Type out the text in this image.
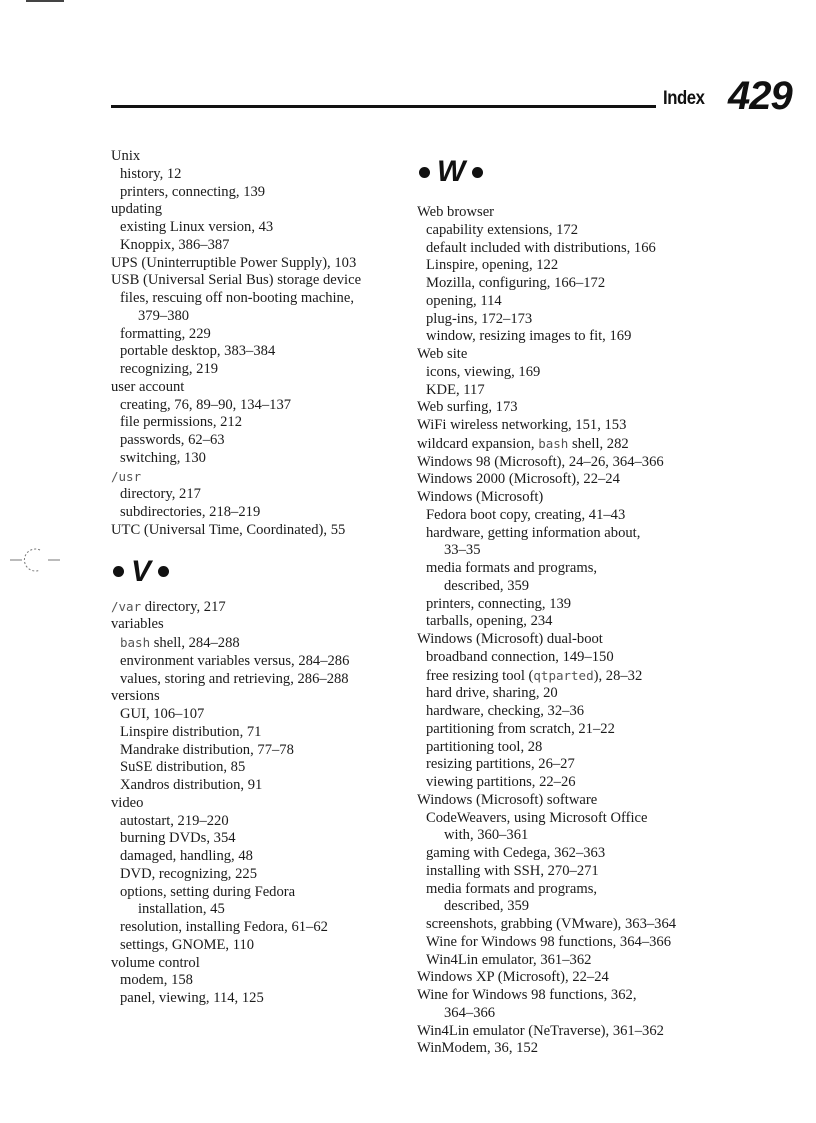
Index 429
Unix
history, 12
printers, connecting, 139
updating
existing Linux version, 43
Knoppix, 386–387
UPS (Uninterruptible Power Supply), 103
USB (Universal Serial Bus) storage device
files, rescuing off non-booting machine,
379–380
formatting, 229
portable desktop, 383–384
recognizing, 219
user account
creating, 76, 89–90, 134–137
file permissions, 212
passwords, 62–63
switching, 130
/usr
directory, 217
subdirectories, 218–219
UTC (Universal Time, Coordinated), 55
V
/var directory, 217
variables
bash shell, 284–288
environment variables versus, 284–286
values, storing and retrieving, 286–288
versions
GUI, 106–107
Linspire distribution, 71
Mandrake distribution, 77–78
SuSE distribution, 85
Xandros distribution, 91
video
autostart, 219–220
burning DVDs, 354
damaged, handling, 48
DVD, recognizing, 225
options, setting during Fedora
installation, 45
resolution, installing Fedora, 61–62
settings, GNOME, 110
volume control
modem, 158
panel, viewing, 114, 125
W
Web browser
capability extensions, 172
default included with distributions, 166
Linspire, opening, 122
Mozilla, configuring, 166–172
opening, 114
plug-ins, 172–173
window, resizing images to fit, 169
Web site
icons, viewing, 169
KDE, 117
Web surfing, 173
WiFi wireless networking, 151, 153
wildcard expansion, bash shell, 282
Windows 98 (Microsoft), 24–26, 364–366
Windows 2000 (Microsoft), 22–24
Windows (Microsoft)
Fedora boot copy, creating, 41–43
hardware, getting information about,
33–35
media formats and programs,
described, 359
printers, connecting, 139
tarballs, opening, 234
Windows (Microsoft) dual-boot
broadband connection, 149–150
free resizing tool (qtparted), 28–32
hard drive, sharing, 20
hardware, checking, 32–36
partitioning from scratch, 21–22
partitioning tool, 28
resizing partitions, 26–27
viewing partitions, 22–26
Windows (Microsoft) software
CodeWeavers, using Microsoft Office
with, 360–361
gaming with Cedega, 362–363
installing with SSH, 270–271
media formats and programs,
described, 359
screenshots, grabbing (VMware), 363–364
Wine for Windows 98 functions, 364–366
Win4Lin emulator, 361–362
Windows XP (Microsoft), 22–24
Wine for Windows 98 functions, 362,
364–366
Win4Lin emulator (NeTraverse), 361–362
WinModem, 36, 152
